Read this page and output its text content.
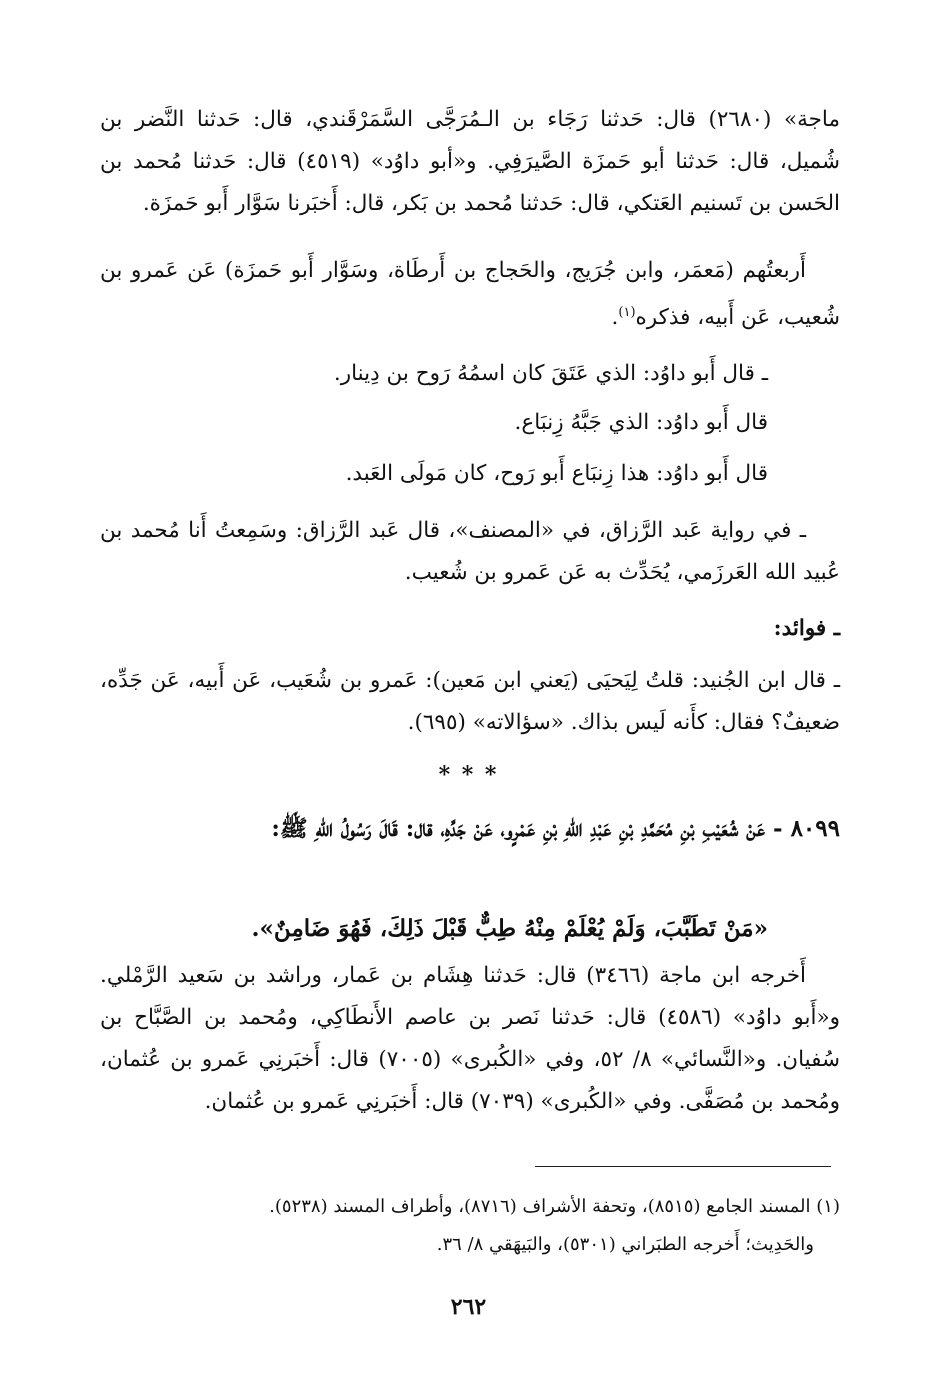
ماجة» (٢٦٨٠) قال: حَدثنا رَجَاء بن الـمُرَجَّى السَّمَرْقَندي، قال: حَدثنا النَّضر بن شُميل، قال: حَدثنا أبو حَمزَة الصَّيرَفِي. و«أبو داوُد» (٤٥١٩) قال: حَدثنا مُحمد بن الحَسن بن تَسنيم العَتكي، قال: حَدثنا مُحمد بن بَكر، قال: أَخبَرنا سَوَّار أَبو حَمزَة.
أَربعتُهم (مَعمَر، وابن جُرَيج، والحَجاج بن أَرطَاة، وسَوَّار أَبو حَمزَة) عَن عَمرو بن شُعيب، عَن أَبيه، فذكره$^{(١)}$.
ـ قال أَبو داوُد: الذي عَتَقَ كان اسمُهُ رَوح بن دِينار.
قال أَبو داوُد: الذي جَبَّهُ زِنبَاع.
قال أَبو داوُد: هذا زِنبَاع أَبو رَوح، كان مَولَى العَبد.
ـ في رواية عَبد الرَّزاق، في «المصنف»، قال عَبد الرَّزاق: وسَمِعتُ أَنا مُحمد بن عُبيد الله العَرزَمي، يُحَدِّث به عَن عَمرو بن شُعيب.
ـ فوائد:
ـ قال ابن الجُنيد: قلتُ لِيَحيَى (يَعني ابن مَعين): عَمرو بن شُعَيب، عَن أَبيه، عَن جَدِّه، ضعيفٌ؟ فقال: كأَنه لَيس بذاك. «سؤالاته» (٦٩٥).
* * *
٨٠٩٩ - عَنْ شُعَيْبِ بْنِ مُحَمَّدِ بْنِ عَبْدِ اللهِ بْنِ عَمْرٍو، عَنْ جَدِّهِ، قال: قَالَ رَسُولُ اللهِ ﷺ:
«مَنْ تَطَبَّبَ، وَلَمْ يُعْلَمْ مِنْهُ طِبٌّ قَبْلَ ذَلِكَ، فَهُوَ ضَامِنٌ».
أَخرجه ابن ماجة (٣٤٦٦) قال: حَدثنا هِشَام بن عَمار، وراشد بن سَعيد الرَّمْلي. و«أَبو داوُد» (٤٥٨٦) قال: حَدثنا نَصر بن عاصم الأَنطَاكِي، ومُحمد بن الصَّبَّاح بن سُفيان. و«النَّسائي» ٨/ ٥٢، وفي «الكُبرى» (٧٠٠٥) قال: أَخبَرنِي عَمرو بن عُثمان، ومُحمد بن مُصَفَّى. وفي «الكُبرى» (٧٠٣٩) قال: أَخبَرنِي عَمرو بن عُثمان.
(١) المسند الجامع (٨٥١٥)، وتحفة الأشراف (٨٧١٦)، وأطراف المسند (٥٢٣٨).
والحَدِيث؛ أَخرجه الطبَراني (٥٣٠١)، والبَيهَقي ٨/ ٣٦.
٢٦٢
